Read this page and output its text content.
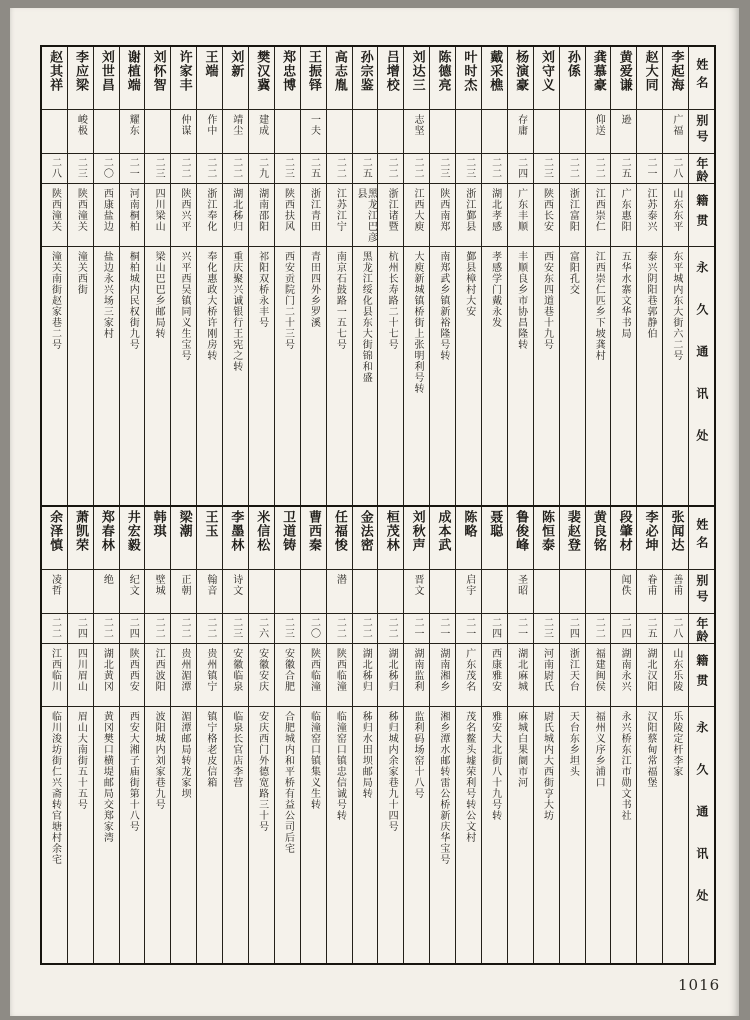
姓名
别号
年龄
籍贯
永久通讯处
李起海
广福
二八
山东东平
东平城内东大街六二号
赵大同
二一
江苏泰兴
泰兴阴阳巷郭静伯
黄爱谦
逊
二五
广东惠阳
五华水寨文华书局
龚慕豪
仰送
二二
江西崇仁
江西崇仁匹乡下坡龚村
孙係
二二
浙江富阳
富阳孔交
刘守义
二三
陕西长安
西安东四道巷十九号
杨演豪
存庸
二四
广东丰顺
丰顺良乡市协昌隆转
戴采樵
二二
湖北孝感
孝感学门戴永发
叶时杰
二三
浙江鄞县
鄞县樟村大安
陈德亮
二三
陕西南郑
南郑武乡镇新裕隆号转
刘达三
志坚
二二
江西大庾
大庾新城镇桥街上张明利号转
吕增校
二二
浙江诸暨
杭州长寿路二十七号
孙宗鉴
二五
黑龙江巴彦县
黑龙江绥化县东大街锦和盛
高志胤
二二
江苏江宁
南京石鼓路一五七号
王振铎
一夫
二五
浙江青田
青田四外乡罗溪
郑忠博
二三
陕西扶风
西安贡院门二十三号
樊汉冀
建成
二九
湖南邵阳
祁阳双桥永丰号
刘新
靖尘
二二
湖北秭归
重庆聚兴诚银行王宪之转
王端
作中
二二
浙江奉化
奉化惠政大桥许刚房转
许家丰
仲谋
二二
陕西兴平
兴平西吴镇同义生宝号
刘怀智
二三
四川梁山
梁山巴巴乡邮局转
谢植端
耀东
二一
河南桐柏
桐柏城内民权街九号
刘世昌
二〇
西康盐边
盐边永兴场三家村
李应梁
峻极
二三
陕西潼关
潼关西街
赵其祥
二八
陕西潼关
潼关南街赵家巷二号
姓名
别号
年龄
籍贯
永久通讯处
张闻达
善甫
二八
山东乐陵
乐陵定杆李家
李必坤
眷甫
二五
湖北汉阳
汉阳蔡甸常福堡
段肇材
闻佚
二四
湖南永兴
永兴桥东江市勋文书社
黄良铭
二二
福建闽侯
福州义序乡浦口
裴赵登
二四
浙江天台
天台东乡坦头
陈恒泰
二三
河南尉氏
尉氏城内大西街亨大坊
鲁俊峰
圣昭
二一
湖北麻城
麻城白果阛市河
聂聪
二四
西康雅安
雅安大北街八十九号转
陈略
启宇
二一
广东茂名
茂名鳌头墟荣利号转公文村
成本武
二一
湖南湘乡
湘乡潭水邮转雷公桥新庆华宝号
刘秋声
晋文
二一
湖南监利
监利码场窑十八号
桓茂林
二二
湖北秭归
秭归城内余家巷九十四号
金法密
二二
湖北秭归
秭归水田坝邮局转
任福悛
潜
二二
陕西临潼
临潼窑口镇忠信诚号转
曹西秦
二〇
陕西临潼
临潼窑口镇集义生转
卫道铸
二三
安徽合肥
合肥城内和平桥有益公司后宅
米信松
二六
安徽安庆
安庆西门外德宽路三十号
李墨林
诗文
二三
安徽临泉
临泉长官店李营
王玉
翰音
二二
贵州镇宁
镇宁格老皮信箱
梁潮
正朝
二二
贵州湄潭
湄潭邮局转龙家坝
韩琪
壁城
二二
江西波阳
波阳城内刘家巷九号
井宏毅
纪文
二四
陕西西安
西安大湘子庙街第十八号
郑春林
绝
二二
湖北黄冈
黄冈樊口横堤邮局交郑家湾
萧凯荣
二四
四川眉山
眉山大南街五十五号
余泽慎
凌哲
二二
江西临川
临川浚坊街仁兴斋转官塘村余宅
1016
